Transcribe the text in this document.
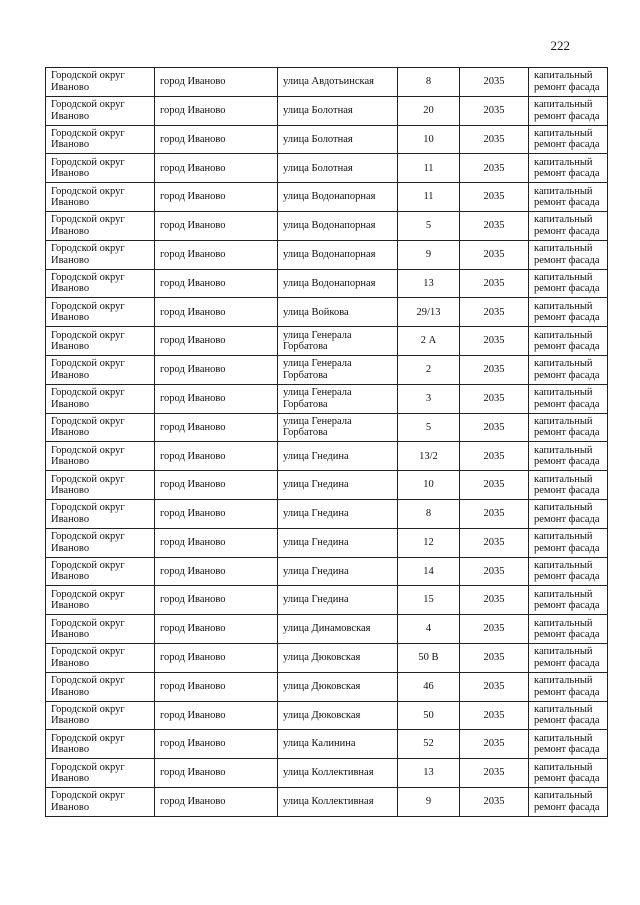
222
Городской округ Иваново	город Иваново	улица Авдотьинская	8	2035	капитальный ремонт фасада
Городской округ Иваново	город Иваново	улица Болотная	20	2035	капитальный ремонт фасада
Городской округ Иваново	город Иваново	улица Болотная	10	2035	капитальный ремонт фасада
Городской округ Иваново	город Иваново	улица Болотная	11	2035	капитальный ремонт фасада
Городской округ Иваново	город Иваново	улица Водонапорная	11	2035	капитальный ремонт фасада
Городской округ Иваново	город Иваново	улица Водонапорная	5	2035	капитальный ремонт фасада
Городской округ Иваново	город Иваново	улица Водонапорная	9	2035	капитальный ремонт фасада
Городской округ Иваново	город Иваново	улица Водонапорная	13	2035	капитальный ремонт фасада
Городской округ Иваново	город Иваново	улица Войкова	29/13	2035	капитальный ремонт фасада
Городской округ Иваново	город Иваново	улица Генерала Горбатова	2 А	2035	капитальный ремонт фасада
Городской округ Иваново	город Иваново	улица Генерала Горбатова	2	2035	капитальный ремонт фасада
Городской округ Иваново	город Иваново	улица Генерала Горбатова	3	2035	капитальный ремонт фасада
Городской округ Иваново	город Иваново	улица Генерала Горбатова	5	2035	капитальный ремонт фасада
Городской округ Иваново	город Иваново	улица Гнедина	13/2	2035	капитальный ремонт фасада
Городской округ Иваново	город Иваново	улица Гнедина	10	2035	капитальный ремонт фасада
Городской округ Иваново	город Иваново	улица Гнедина	8	2035	капитальный ремонт фасада
Городской округ Иваново	город Иваново	улица Гнедина	12	2035	капитальный ремонт фасада
Городской округ Иваново	город Иваново	улица Гнедина	14	2035	капитальный ремонт фасада
Городской округ Иваново	город Иваново	улица Гнедина	15	2035	капитальный ремонт фасада
Городской округ Иваново	город Иваново	улица Динамовская	4	2035	капитальный ремонт фасада
Городской округ Иваново	город Иваново	улица Дюковская	50 В	2035	капитальный ремонт фасада
Городской округ Иваново	город Иваново	улица Дюковская	46	2035	капитальный ремонт фасада
Городской округ Иваново	город Иваново	улица Дюковская	50	2035	капитальный ремонт фасада
Городской округ Иваново	город Иваново	улица Калинина	52	2035	капитальный ремонт фасада
Городской округ Иваново	город Иваново	улица Коллективная	13	2035	капитальный ремонт фасада
Городской округ Иваново	город Иваново	улица Коллективная	9	2035	капитальный ремонт фасада
